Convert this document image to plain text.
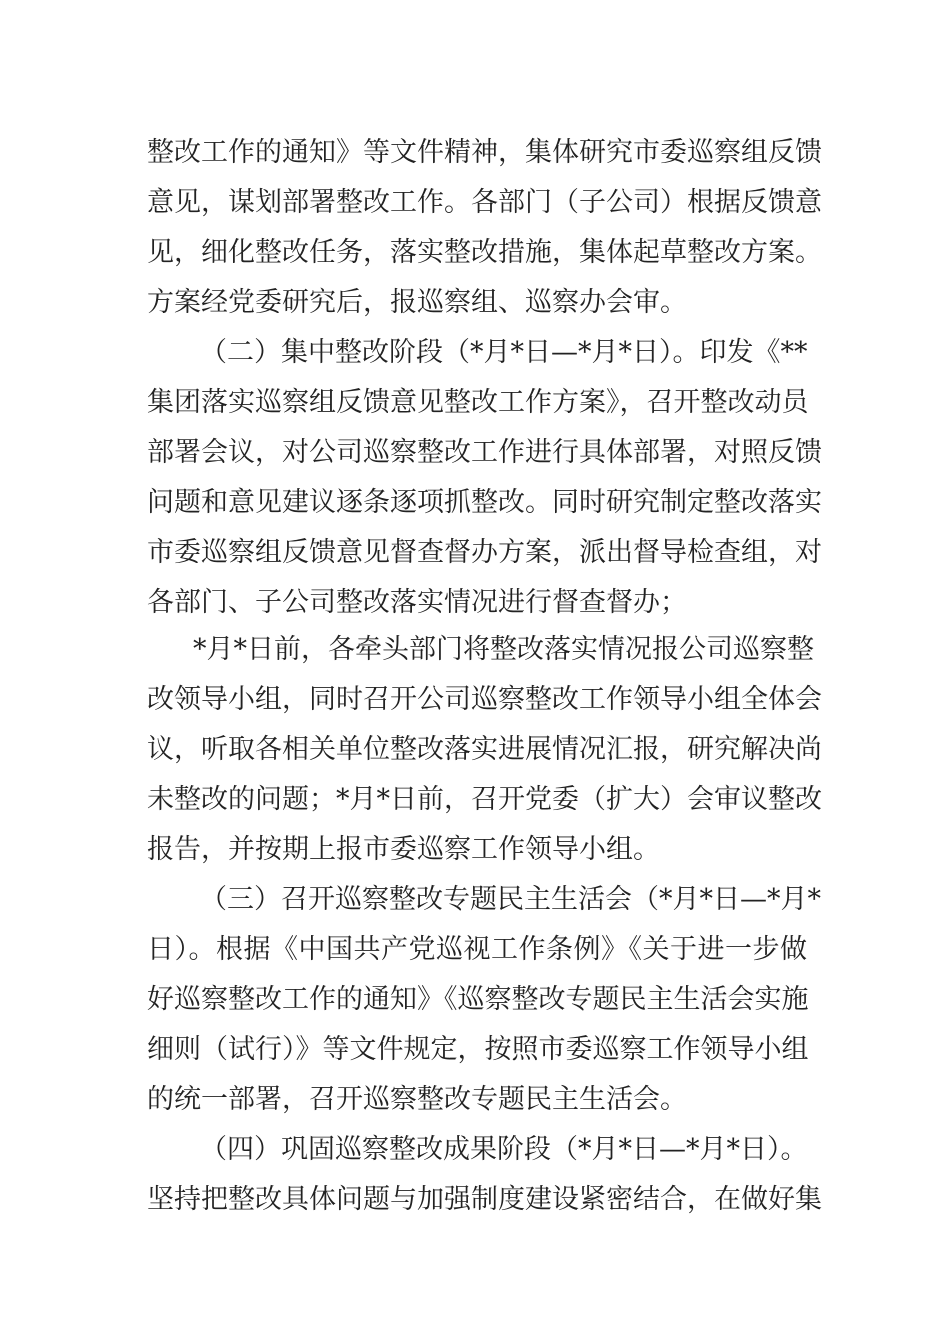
整改工作的通知》等文件精神，集体研究市委巡察组反馈
意见，谋划部署整改工作。各部门（子公司）根据反馈意
见，细化整改任务，落实整改措施，集体起草整改方案。
方案经党委研究后，报巡察组、巡察办会审。
（二）集中整改阶段（*月*日—*月*日）。印发《**
集团落实巡察组反馈意见整改工作方案》，召开整改动员
部署会议，对公司巡察整改工作进行具体部署，对照反馈
问题和意见建议逐条逐项抓整改。同时研究制定整改落实
市委巡察组反馈意见督查督办方案，派出督导检查组，对
各部门、子公司整改落实情况进行督查督办；
*月*日前，各牵头部门将整改落实情况报公司巡察整
改领导小组，同时召开公司巡察整改工作领导小组全体会
议，听取各相关单位整改落实进展情况汇报，研究解决尚
未整改的问题；*月*日前，召开党委（扩大）会审议整改
报告，并按期上报市委巡察工作领导小组。
（三）召开巡察整改专题民主生活会（*月*日—*月*
日）。根据《中国共产党巡视工作条例》《关于进一步做
好巡察整改工作的通知》《巡察整改专题民主生活会实施
细则（试行）》等文件规定，按照市委巡察工作领导小组
的统一部署，召开巡察整改专题民主生活会。
（四）巩固巡察整改成果阶段（*月*日—*月*日）。
坚持把整改具体问题与加强制度建设紧密结合，在做好集
